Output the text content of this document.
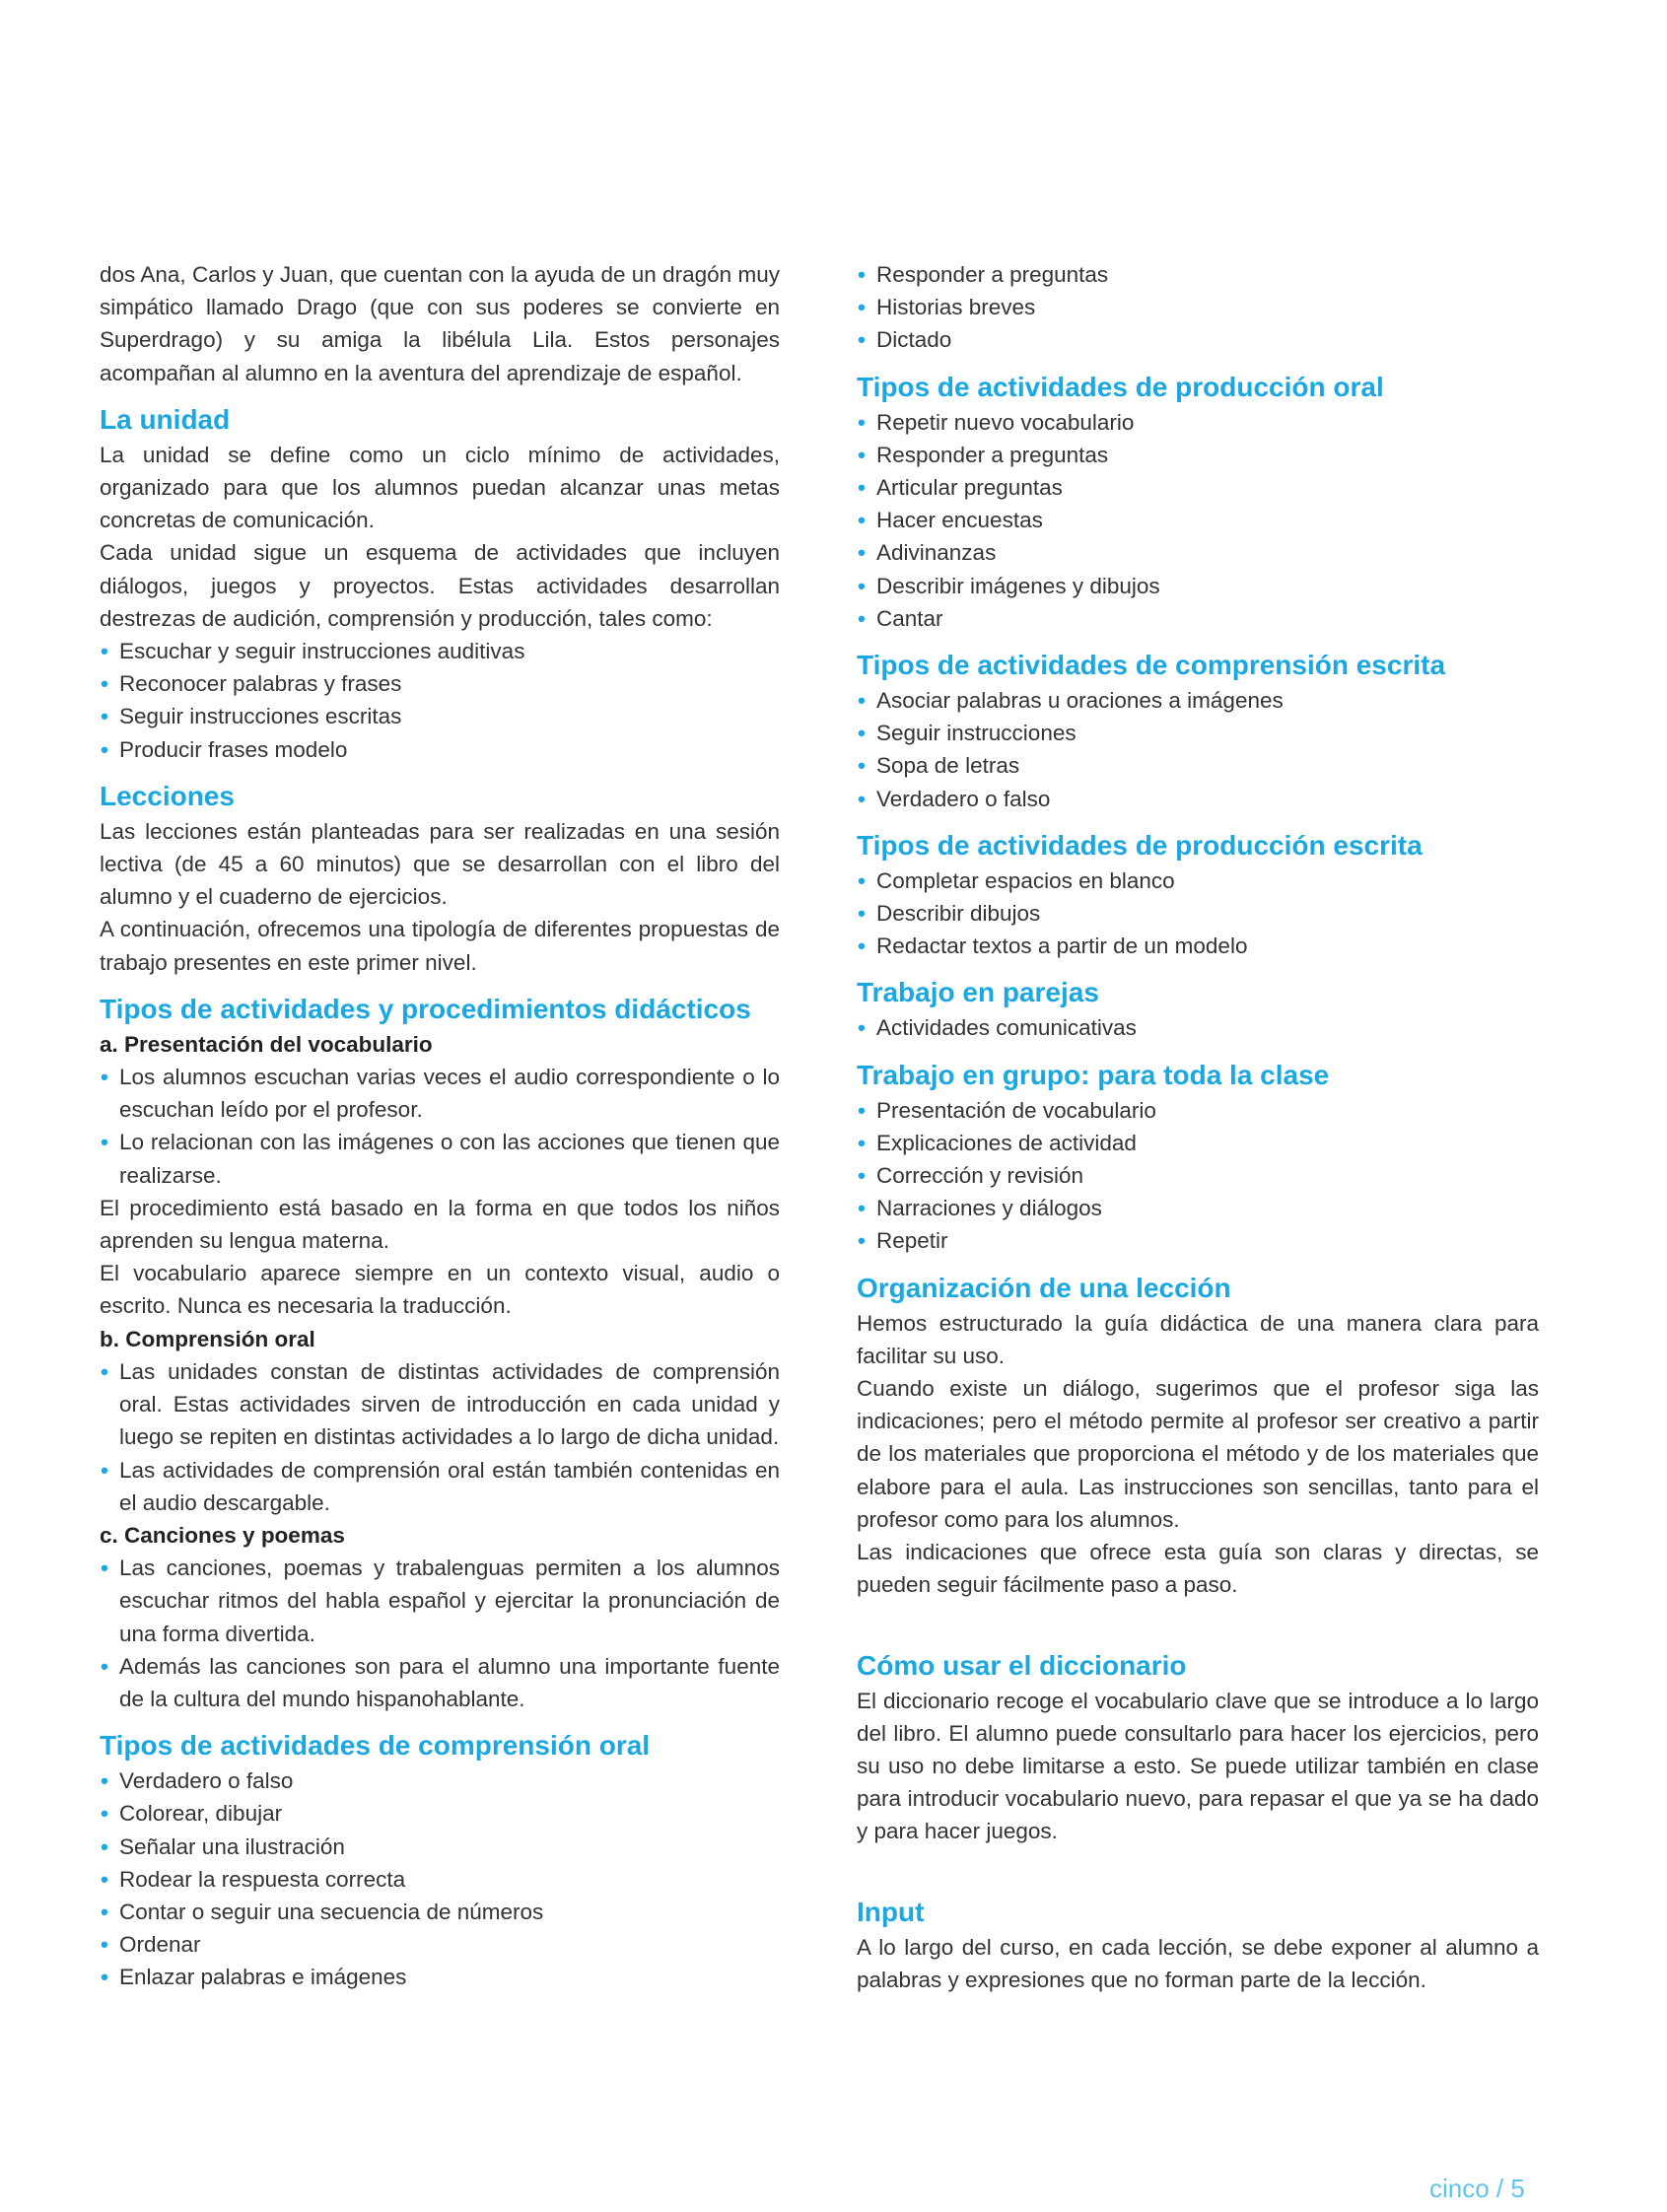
dos Ana, Carlos y Juan, que cuentan con la ayuda de un dragón muy simpático llamado Drago (que con sus poderes se convierte en Superdrago) y su amiga la libélula Lila. Estos personajes acompañan al alumno en la aventura del aprendizaje de español.

La unidad

La unidad se define como un ciclo mínimo de actividades, organizado para que los alumnos puedan alcanzar unas metas concretas de comunicación.

Cada unidad sigue un esquema de actividades que incluyen diálogos, juegos y proyectos. Estas actividades desarrollan destrezas de audición, comprensión y producción, tales como:

• Escuchar y seguir instrucciones auditivas
• Reconocer palabras y frases
• Seguir instrucciones escritas
• Producir frases modelo
Lecciones

Las lecciones están planteadas para ser realizadas en una sesión lectiva (de 45 a 60 minutos) que se desarrollan con el libro del alumno y el cuaderno de ejercicios.

A continuación, ofrecemos una tipología de diferentes propuestas de trabajo presentes en este primer nivel.

Tipos de actividades y procedimientos didácticos

a. Presentación del vocabulario

• Los alumnos escuchan varias veces el audio correspondiente o lo escuchan leído por el profesor.
• Lo relacionan con las imágenes o con las acciones que tienen que realizarse.

El procedimiento está basado en la forma en que todos los niños aprenden su lengua materna.

El vocabulario aparece siempre en un contexto visual, audio o escrito. Nunca es necesaria la traducción.

b. Comprensión oral

• Las unidades constan de distintas actividades de comprensión oral. Estas actividades sirven de introducción en cada unidad y luego se repiten en distintas actividades a lo largo de dicha unidad.
• Las actividades de comprensión oral están también contenidas en el audio descargable.

c. Canciones y poemas

• Las canciones, poemas y trabalenguas permiten a los alumnos escuchar ritmos del habla español y ejercitar la pronunciación de una forma divertida.
• Además las canciones son para el alumno una importante fuente de la cultura del mundo hispanohablante.
Tipos de actividades de comprensión oral
• Verdadero o falso
• Colorear, dibujar
• Señalar una ilustración
• Rodear la respuesta correcta
• Contar o seguir una secuencia de números
• Ordenar
• Enlazar palabras e imágenes
• Responder a preguntas
• Historias breves
• Dictado
Tipos de actividades de producción oral
• Repetir nuevo vocabulario
• Responder a preguntas
• Articular preguntas
• Hacer encuestas
• Adivinanzas
• Describir imágenes y dibujos
• Cantar
Tipos de actividades de comprensión escrita
• Asociar palabras u oraciones a imágenes
• Seguir instrucciones
• Sopa de letras
• Verdadero o falso
Tipos de actividades de producción escrita
• Completar espacios en blanco
• Describir dibujos
• Redactar textos a partir de un modelo
Trabajo en parejas
• Actividades comunicativas
Trabajo en grupo: para toda la clase
• Presentación de vocabulario
• Explicaciones de actividad
• Corrección y revisión
• Narraciones y diálogos
• Repetir
Organización de una lección

Hemos estructurado la guía didáctica de una manera clara para facilitar su uso.

Cuando existe un diálogo, sugerimos que el profesor siga las indicaciones; pero el método permite al profesor ser creativo a partir de los materiales que proporciona el método y de los materiales que elabore para el aula. Las instrucciones son sencillas, tanto para el profesor como para los alumnos.

Las indicaciones que ofrece esta guía son claras y directas, se pueden seguir fácilmente paso a paso.

Cómo usar el diccionario

El diccionario recoge el vocabulario clave que se introduce a lo largo del libro. El alumno puede consultarlo para hacer los ejercicios, pero su uso no debe limitarse a esto. Se puede utilizar también en clase para introducir vocabulario nuevo, para repasar el que ya se ha dado y para hacer juegos.

Input

A lo largo del curso, en cada lección, se debe exponer al alumno a palabras y expresiones que no forman parte de la lección.

cinco / 5
